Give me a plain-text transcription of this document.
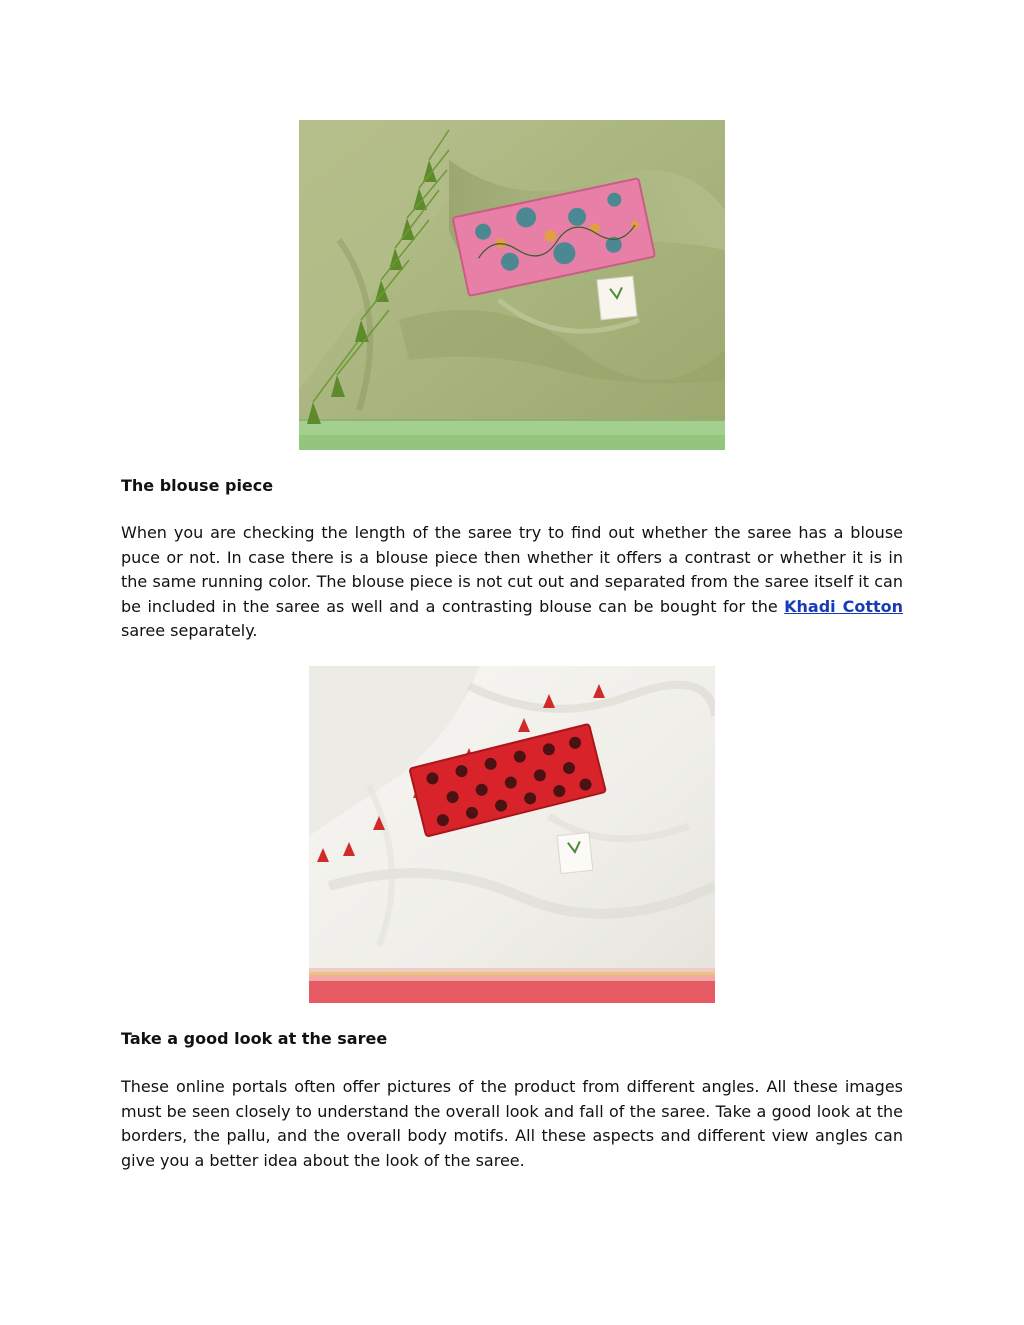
The blouse piece

When you are checking the length of the saree try to find out whether the saree has a blouse puce or not. In case there is a blouse piece then whether it offers a contrast or whether it is in the same running color. The blouse piece is not cut out and separated from the saree itself it can be included in the saree as well and a contrasting blouse can be bought for the Khadi Cotton saree separately.

Take a good look at the saree

These online portals often offer pictures of the product from different angles. All these images must be seen closely to understand the overall look and fall of the saree. Take a good look at the borders, the pallu, and the overall body motifs. All these aspects and different view angles can give you a better idea about the look of the saree.
